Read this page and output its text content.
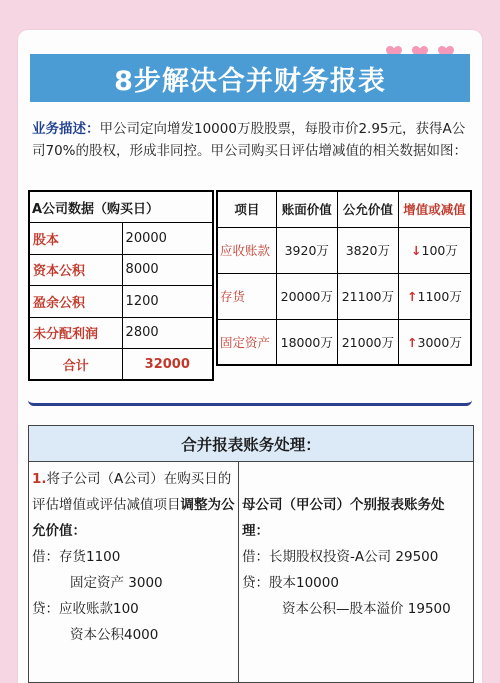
8步解决合并财务报表
业务描述：甲公司定向增发10000万股股票，每股市价2.95元，获得A公司70%的股权，形成非同控。甲公司购买日评估增减值的相关数据如图：
A公司数据（购买日）	
股本	20000
资本公积	8000
盈余公积	1200
未分配利润	2800
合计	32000
项目	账面价值	公允价值	增值或减值
应收账款	3920万	3820万	↓100万
存货	20000万	21100万	↑1100万
固定资产	18000万	21000万	↑3000万
合并报表账务处理：
1.将子公司（A公司）在购买日的评估增值或评估减值项目调整为公允价值：
借：存货1100
固定资产 3000
贷：应收账款100
资本公积4000
母公司（甲公司）个别报表账务处理：
借：长期股权投资-A公司 29500
贷：股本10000
资本公积—股本溢价 19500
